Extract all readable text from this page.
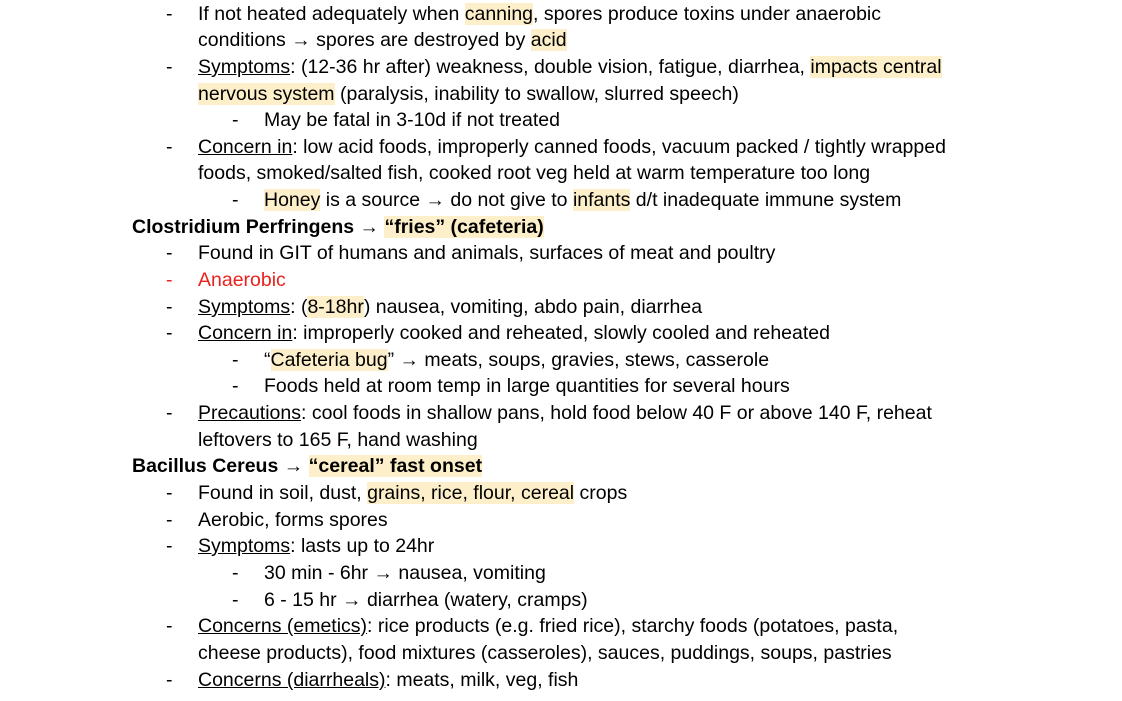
- If not heated adequately when canning, spores produce toxins under anaerobic
conditions → spores are destroyed by acid
- Symptoms: (12-36 hr after) weakness, double vision, fatigue, diarrhea, impacts central
nervous system (paralysis, inability to swallow, slurred speech)
- May be fatal in 3-10d if not treated
- Concern in: low acid foods, improperly canned foods, vacuum packed / tightly wrapped
foods, smoked/salted fish, cooked root veg held at warm temperature too long
- Honey is a source → do not give to infants d/t inadequate immune system
Clostridium Perfringens → “fries” (cafeteria)
- Found in GIT of humans and animals, surfaces of meat and poultry
- Anaerobic
- Symptoms: (8-18hr) nausea, vomiting, abdo pain, diarrhea
- Concern in: improperly cooked and reheated, slowly cooled and reheated
- “Cafeteria bug” → meats, soups, gravies, stews, casserole
- Foods held at room temp in large quantities for several hours
- Precautions: cool foods in shallow pans, hold food below 40 F or above 140 F, reheat
leftovers to 165 F, hand washing
Bacillus Cereus → “cereal” fast onset
- Found in soil, dust, grains, rice, flour, cereal crops
- Aerobic, forms spores
- Symptoms: lasts up to 24hr
- 30 min - 6hr → nausea, vomiting
- 6 - 15 hr → diarrhea (watery, cramps)
- Concerns (emetics): rice products (e.g. fried rice), starchy foods (potatoes, pasta,
cheese products), food mixtures (casseroles), sauces, puddings, soups, pastries
- Concerns (diarrheals): meats, milk, veg, fish
